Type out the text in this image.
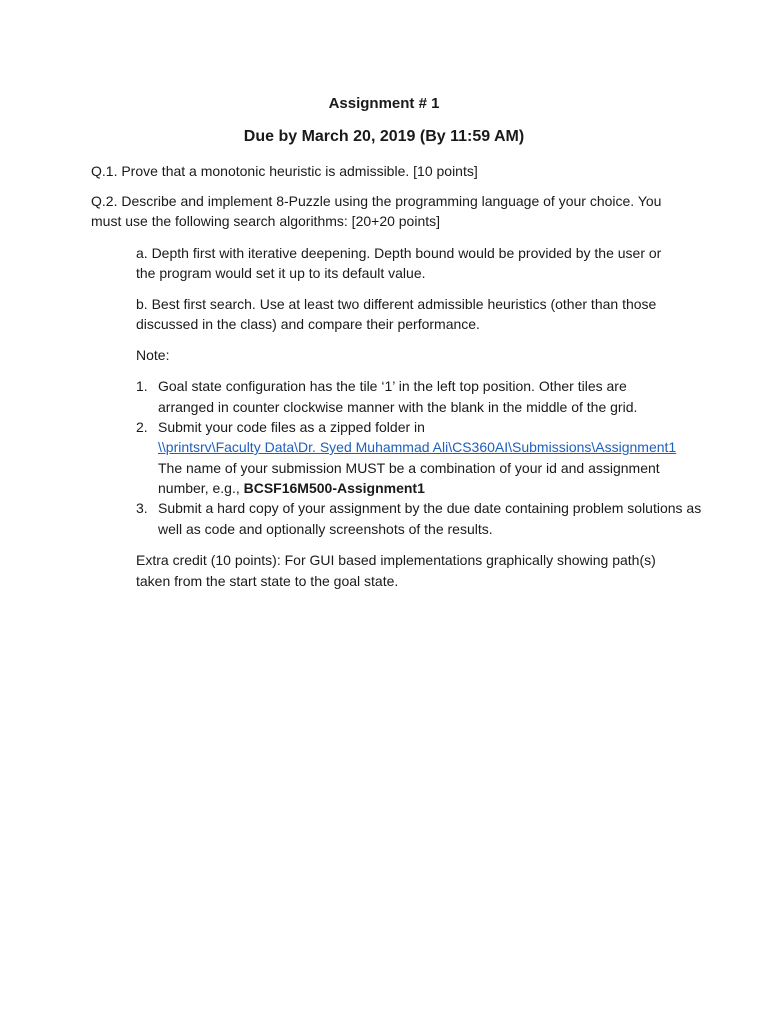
Assignment # 1
Due by March 20, 2019 (By 11:59 AM)
Q.1. Prove that a monotonic heuristic is admissible. [10 points]
Q.2. Describe and implement 8-Puzzle using the programming language of your choice. You
must use the following search algorithms: [20+20 points]
a. Depth first with iterative deepening. Depth bound would be provided by the user or
the program would set it up to its default value.
b. Best first search. Use at least two different admissible heuristics (other than those
discussed in the class) and compare their performance.
Note:
1. Goal state configuration has the tile ‘1’ in the left top position. Other tiles are
arranged in counter clockwise manner with the blank in the middle of the grid.
2. Submit your code files as a zipped folder in
\\printsrv\Faculty Data\Dr. Syed Muhammad Ali\CS360AI\Submissions\Assignment1
The name of your submission MUST be a combination of your id and assignment
number, e.g., BCSF16M500-Assignment1
3. Submit a hard copy of your assignment by the due date containing problem solutions as
well as code and optionally screenshots of the results.
Extra credit (10 points): For GUI based implementations graphically showing path(s)
taken from the start state to the goal state.
